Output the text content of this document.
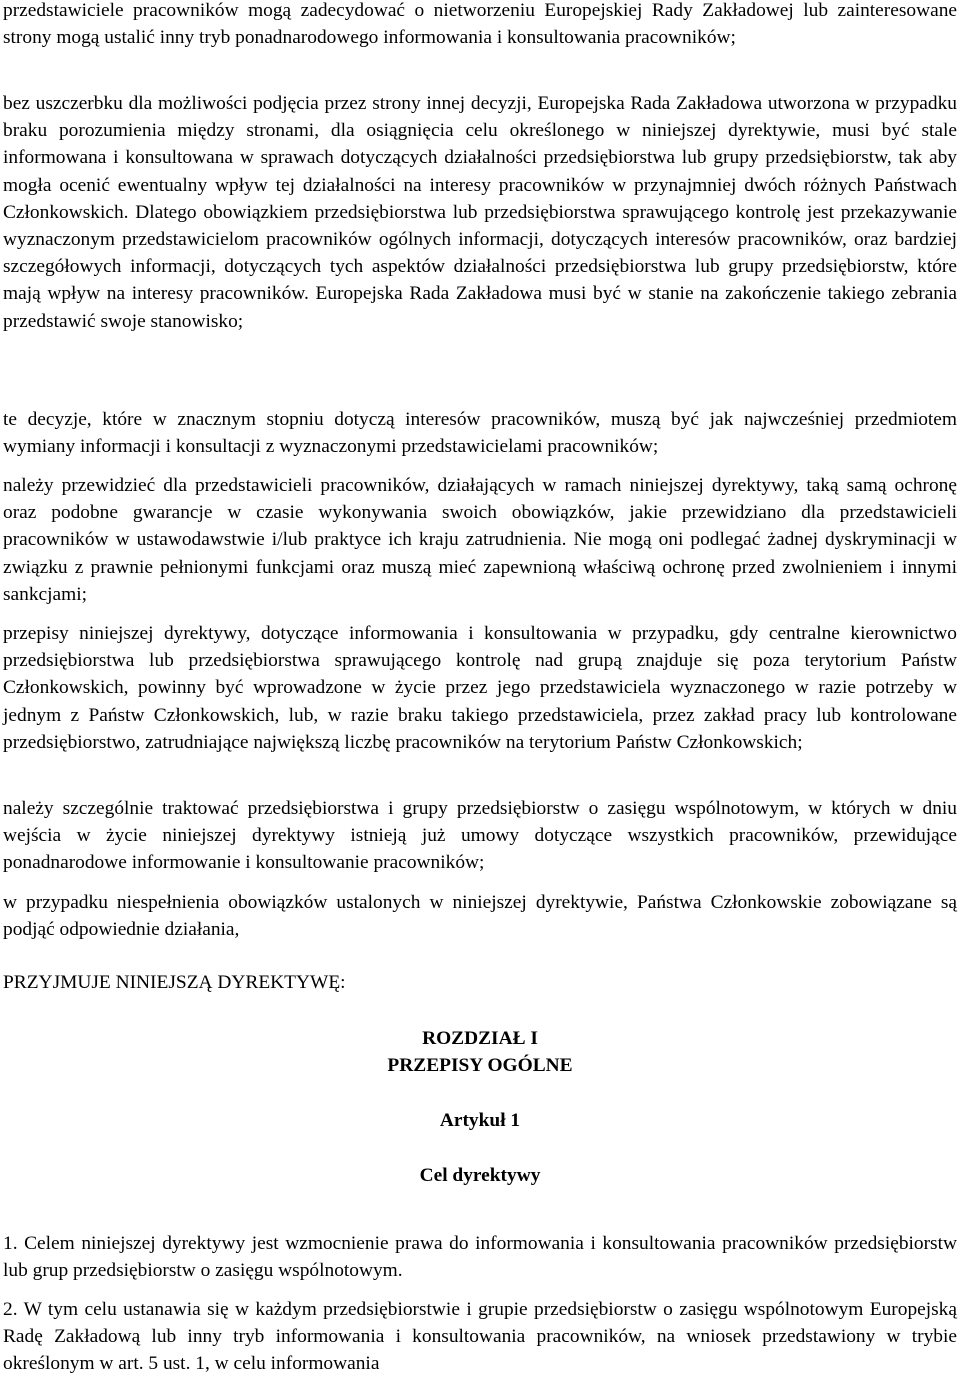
przedstawiciele pracowników mogą zadecydować o nietworzeniu Europejskiej Rady Zakładowej lub zainteresowane strony mogą ustalić inny tryb ponadnarodowego informowania i konsultowania pracowników;

bez uszczerbku dla możliwości podjęcia przez strony innej decyzji, Europejska Rada Zakładowa utworzona w przypadku braku porozumienia między stronami, dla osiągnięcia celu określonego w niniejszej dyrektywie, musi być stale informowana i konsultowana w sprawach dotyczących działalności przedsiębiorstwa lub grupy przedsiębiorstw, tak aby mogła ocenić ewentualny wpływ tej działalności na interesy pracowników w przynajmniej dwóch różnych Państwach Członkowskich. Dlatego obowiązkiem przedsiębiorstwa lub przedsiębiorstwa sprawującego kontrolę jest przekazywanie wyznaczonym przedstawicielom pracowników ogólnych informacji, dotyczących interesów pracowników, oraz bardziej szczegółowych informacji, dotyczących tych aspektów działalności przedsiębiorstwa lub grupy przedsiębiorstw, które mają wpływ na interesy pracowników. Europejska Rada Zakładowa musi być w stanie na zakończenie takiego zebrania przedstawić swoje stanowisko;

te decyzje, które w znacznym stopniu dotyczą interesów pracowników, muszą być jak najwcześniej przedmiotem wymiany informacji i konsultacji z wyznaczonymi przedstawicielami pracowników;

należy przewidzieć dla przedstawicieli pracowników, działających w ramach niniejszej dyrektywy, taką samą ochronę oraz podobne gwarancje w czasie wykonywania swoich obowiązków, jakie przewidziano dla przedstawicieli pracowników w ustawodawstwie i/lub praktyce ich kraju zatrudnienia. Nie mogą oni podlegać żadnej dyskryminacji w związku z prawnie pełnionymi funkcjami oraz muszą mieć zapewnioną właściwą ochronę przed zwolnieniem i innymi sankcjami;

przepisy niniejszej dyrektywy, dotyczące informowania i konsultowania w przypadku, gdy centralne kierownictwo przedsiębiorstwa lub przedsiębiorstwa sprawującego kontrolę nad grupą znajduje się poza terytorium Państw Członkowskich, powinny być wprowadzone w życie przez jego przedstawiciela wyznaczonego w razie potrzeby w jednym z Państw Członkowskich, lub, w razie braku takiego przedstawiciela, przez zakład pracy lub kontrolowane przedsiębiorstwo, zatrudniające największą liczbę pracowników na terytorium Państw Członkowskich;

należy szczególnie traktować przedsiębiorstwa i grupy przedsiębiorstw o zasięgu wspólnotowym, w których w dniu wejścia w życie niniejszej dyrektywy istnieją już umowy dotyczące wszystkich pracowników, przewidujące ponadnarodowe informowanie i konsultowanie pracowników;

w przypadku niespełnienia obowiązków ustalonych w niniejszej dyrektywie, Państwa Członkowskie zobowiązane są podjąć odpowiednie działania,

PRZYJMUJE NINIEJSZĄ DYREKTYWĘ:

ROZDZIAŁ I

PRZEPISY OGÓLNE

Artykuł 1

Cel dyrektywy

1. Celem niniejszej dyrektywy jest wzmocnienie prawa do informowania i konsultowania pracowników przedsiębiorstw lub grup przedsiębiorstw o zasięgu wspólnotowym.

2. W tym celu ustanawia się w każdym przedsiębiorstwie i grupie przedsiębiorstw o zasięgu wspólnotowym Europejską Radę Zakładową lub inny tryb informowania i konsultowania pracowników, na wniosek przedstawiony w trybie określonym w art. 5 ust. 1, w celu informowania
